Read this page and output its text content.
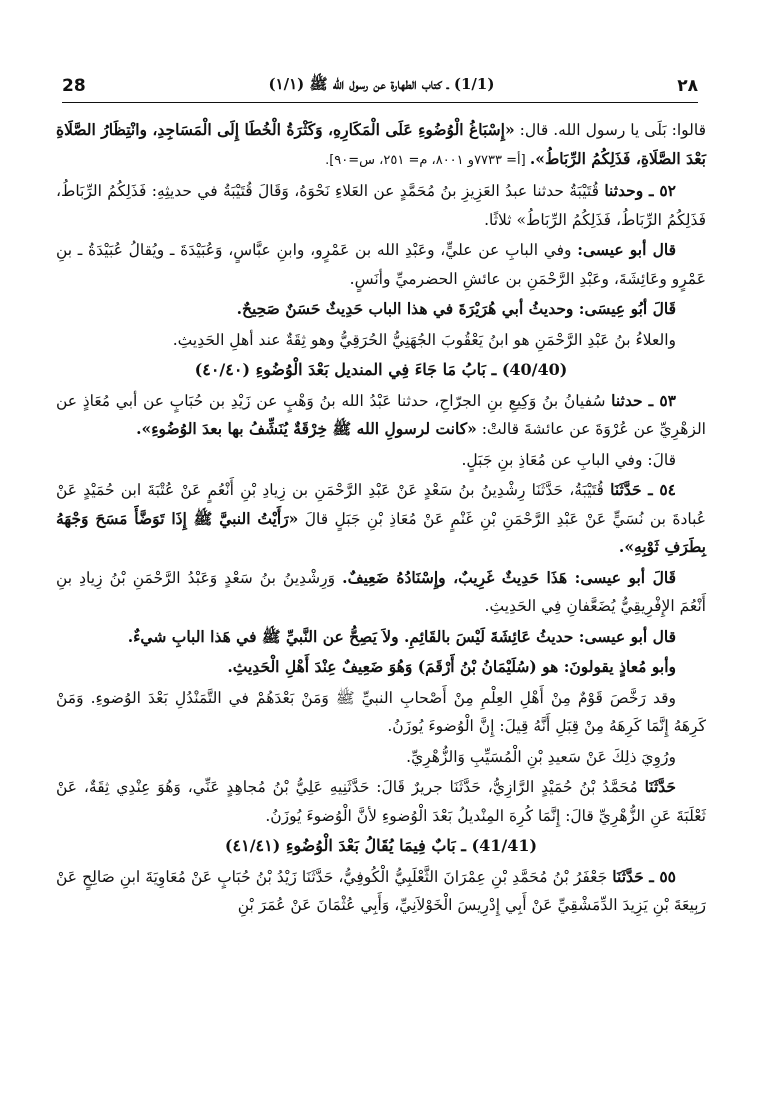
28	(1/1) ـ كتاب الطهارة عن رسول الله ﷺ (١/١)	٢٨

قالوا: بَلَى يا رسول الله. قال: «إِسْبَاغُ الْوُضُوءِ عَلَى الْمَكَارِهِ، وَكَثْرَةُ الْخُطَا إِلَى الْمَسَاجِدِ، وانْتِظَارُ الصَّلَاةِ بَعْدَ الصَّلَاةِ، فَذَلِكُمُ الرِّبَاطُ». [أ= ٧٧٣٣و ٨٠٠١، م= ٢٥١، س=٩٠].

٥٢ ـ وحدثنا قُتَيْبَةُ حدثنا عبدُ العَزِيزِ بنُ مُحَمَّدٍ عن العَلاءِ نَحْوَهُ، وَقَالَ قُتَيْبَةُ في حديثِهِ: فَذَلِكُمُ الرِّبَاطُ، فَذَلِكُمُ الرِّبَاطُ، فَذَلِكُمُ الرِّبَاطُ» ثلاثًا.

قال أبو عيسى: وفي البابِ عن عليٍّ، وعَبْدِ الله بن عَمْرٍو، وابنِ عبَّاسٍ، وَعُبَيْدَةَ ـ ويُقالُ عُبَيْدَةُ ـ بنِ عَمْرٍو وعَائِشَةَ، وعَبْدِ الرَّحْمَنِ بن عائشِ الحضرميِّ وأنَسٍ.

قَالَ أبُو عِيسَى: وحديثُ أبي هُرَيْرَةَ في هذا الباب حَدِيثٌ حَسَنٌ صَحِيحٌ.

والعلاءُ بنُ عَبْدِ الرَّحْمَنِ هو ابنُ يَعْقُوبَ الجُهَنِيُّ الحُرَقِيُّ وهو ثِقَةٌ عند أهلِ الحَدِيثِ.

(40/40) ـ بَابُ مَا جَاءَ فِي المنديل بَعْدَ الْوُضُوءِ (٤٠/٤٠)

٥٣ ـ حدثنا سُفيانُ بنُ وَكِيعِ بنِ الجرّاحِ، حدثنا عَبْدُ الله بنُ وَهْبٍ عن زَيْدِ بن حُبَابٍ عن أبي مُعَاذٍ عن الزهْرِيِّ عن عُرْوَةَ عن عائشةَ قالتْ: «كانت لرسولِ الله ﷺ خِرْقَةٌ يُنَشِّفُ بها بعدَ الوُضُوءِ».

قالَ: وفي البابِ عن مُعَاذِ بنِ جَبَلٍ.

٥٤ ـ حَدَّثَنَا قُتَيْبَةُ، حَدَّثَنَا رِشْدِينُ بنُ سَعْدٍ عَنْ عَبْدِ الرَّحْمَنِ بن زِيادِ بْنِ أَنْعُمٍ عَنْ عُتْبَةَ ابن حُمَيْدٍ عَنْ عُبادةَ بن نُسَيٍّ عَنْ عَبْدِ الرَّحْمَنِ بْنِ غَنْمٍ عَنْ مُعَاذِ بْنِ جَبَلٍ قالَ «رَأَيْتُ النبيَّ ﷺ إِذَا تَوَضَّأَ مَسَحَ وَجْهَهُ بِطَرَفِ ثَوْبِهِ».

قَالَ أبو عيسى: هَذَا حَدِيثٌ غَرِيبٌ، وإِسْنَادُهُ ضَعِيفٌ. وَرِشْدِينُ بنُ سَعْدٍ وَعَبْدُ الرَّحْمَنِ بْنُ زِيادِ بنِ أَنْعُمَ الإِفْرِيقِيُّ يُضَعَّفانِ فِي الحَدِيثِ.

قال أبو عيسى: حديثُ عَائِشَةَ لَيْسَ بالقَائِمِ. ولاَ يَصِحُّ عن النَّبيِّ ﷺ في هَذا البابِ شيءٌ.

وأبو مُعاذٍ يقولونَ: هو (سُلَيْمَانُ بْنُ أَرْقَمَ) وَهُوَ ضَعِيفٌ عِنْدَ أَهْلِ الْحَدِيثِ.

وقد رَخَّصَ قَوْمٌ مِنْ أَهْلِ العِلْمِ مِنْ أَصْحابِ النبيِّ ﷺ وَمَنْ بَعْدَهُمْ في التَّمَنْدُلِ بَعْدَ الوُضوءِ. وَمَنْ كَرِهَهُ إِنَّمَا كَرِهَهُ مِنْ قِبَلِ أَنَّهُ قِيلَ: إِنَّ الْوُضوءَ يُوزَنُ.

ورُوِيَ ذلِكَ عَنْ سَعيدِ بْنِ الْمُسَيِّبِ وَالزُّهْرِيِّ.

حَدَّثَنَا مُحَمَّدُ بْنُ حُمَيْدٍ الرَّازِيُّ، حَدَّثَنَا جريرٌ قَالَ: حَدَّثَنِيهِ عَلِيُّ بْنُ مُجاهِدٍ عَنِّي، وَهُوَ عِنْدِي ثِقَةٌ، عَنْ ثَعْلَبَةَ عَنِ الزُّهْرِيِّ قالَ: إِنَّمَا كُرِهَ المِنْديلُ بَعْدَ الْوُضوءِ لأنَّ الْوُضوءَ يُوزَنُ.

(41/41) ـ بَابٌ فِيمَا يُقَالُ بَعْدَ الْوُضُوءِ (٤١/٤١)

٥٥ ـ حَدَّثَنَا جَعْفَرُ بْنُ مُحَمَّدِ بْنِ عِمْرَانَ الثَّعْلَبِيُّ الْكُوفِيُّ، حَدَّثَنَا زَيْدُ بْنُ حُبَابٍ عَنْ مُعَاوِيَةَ ابنِ صَالِحٍ عَنْ رَبِيعَةَ بْنِ يَزِيدَ الدِّمَشْقِيِّ عَنْ أَبِي إِدْرِيسَ الْخَوْلاَنِيِّ، وَأَبِي عُثْمَانَ عَنْ عُمَرَ بْنِ
